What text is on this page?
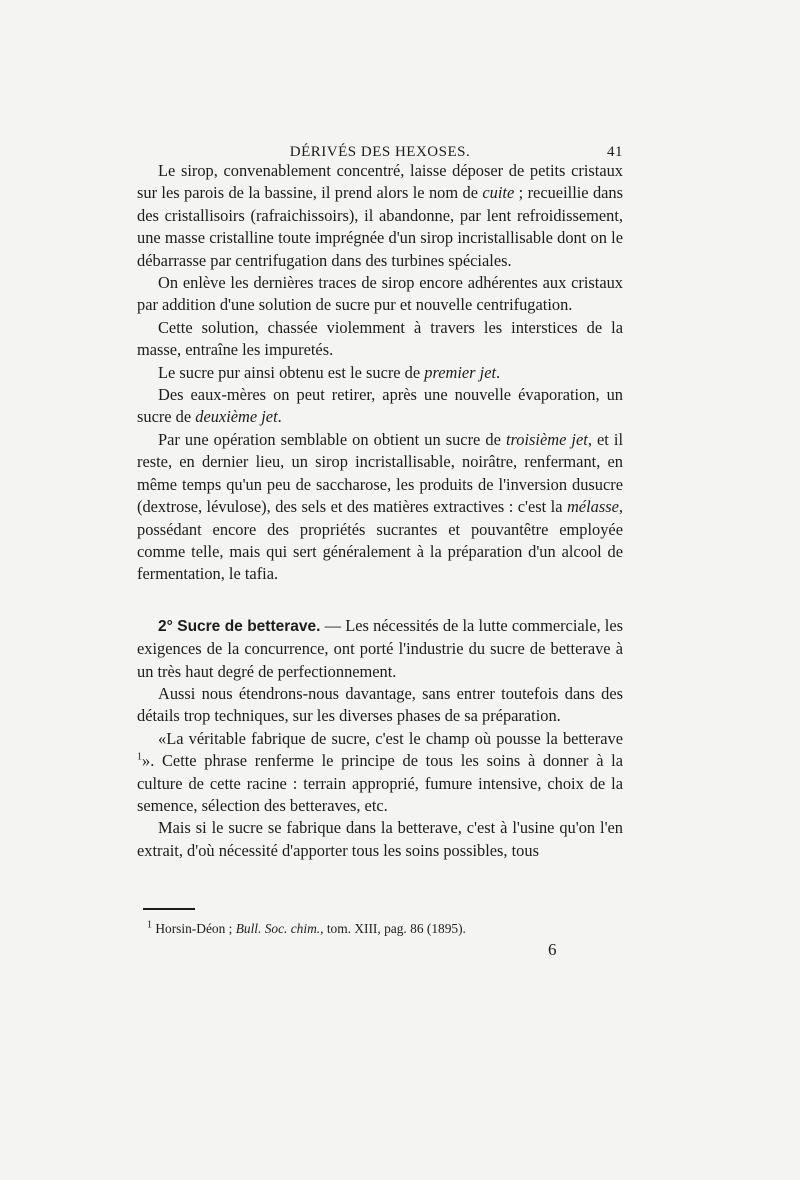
DÉRIVÉS DES HEXOSES.	41

Le sirop, convenablement concentré, laisse déposer de petits cristaux sur les parois de la bassine, il prend alors le nom de cuite ; recueillie dans des cristallisoirs (rafraichissoirs), il abandonne, par lent refroidissement, une masse cristalline toute imprégnée d'un sirop incristallisable dont on le débarrasse par centrifugation dans des turbines spéciales.

On enlève les dernières traces de sirop encore adhérentes aux cristaux par addition d'une solution de sucre pur et nouvelle centrifugation.

Cette solution, chassée violemment à travers les interstices de la masse, entraîne les impuretés.

Le sucre pur ainsi obtenu est le sucre de premier jet.

Des eaux-mères on peut retirer, après une nouvelle évaporation, un sucre de deuxième jet.

Par une opération semblable on obtient un sucre de troisième jet, et il reste, en dernier lieu, un sirop incristallisable, noirâtre, renfermant, en même temps qu'un peu de saccharose, les produits de l'inversion dusucre (dextrose, lévulose), des sels et des matières extractives : c'est la mélasse, possédant encore des propriétés sucrantes et pouvantêtre employée comme telle, mais qui sert généralement à la préparation d'un alcool de fermentation, le tafia.

2° Sucre de betterave. — Les nécessités de la lutte commerciale, les exigences de la concurrence, ont porté l'industrie du sucre de betterave à un très haut degré de perfectionnement.

Aussi nous étendrons-nous davantage, sans entrer toutefois dans des détails trop techniques, sur les diverses phases de sa préparation.

«La véritable fabrique de sucre, c'est le champ où pousse la betterave $^1$». Cette phrase renferme le principe de tous les soins à donner à la culture de cette racine : terrain approprié, fumure intensive, choix de la semence, sélection des betteraves, etc.

Mais si le sucre se fabrique dans la betterave, c'est à l'usine qu'on l'en extrait, d'où nécessité d'apporter tous les soins possibles, tous

$^1$ Horsin-Déon ; Bull. Soc. chim., tom. XIII, pag. 86 (1895).
6
